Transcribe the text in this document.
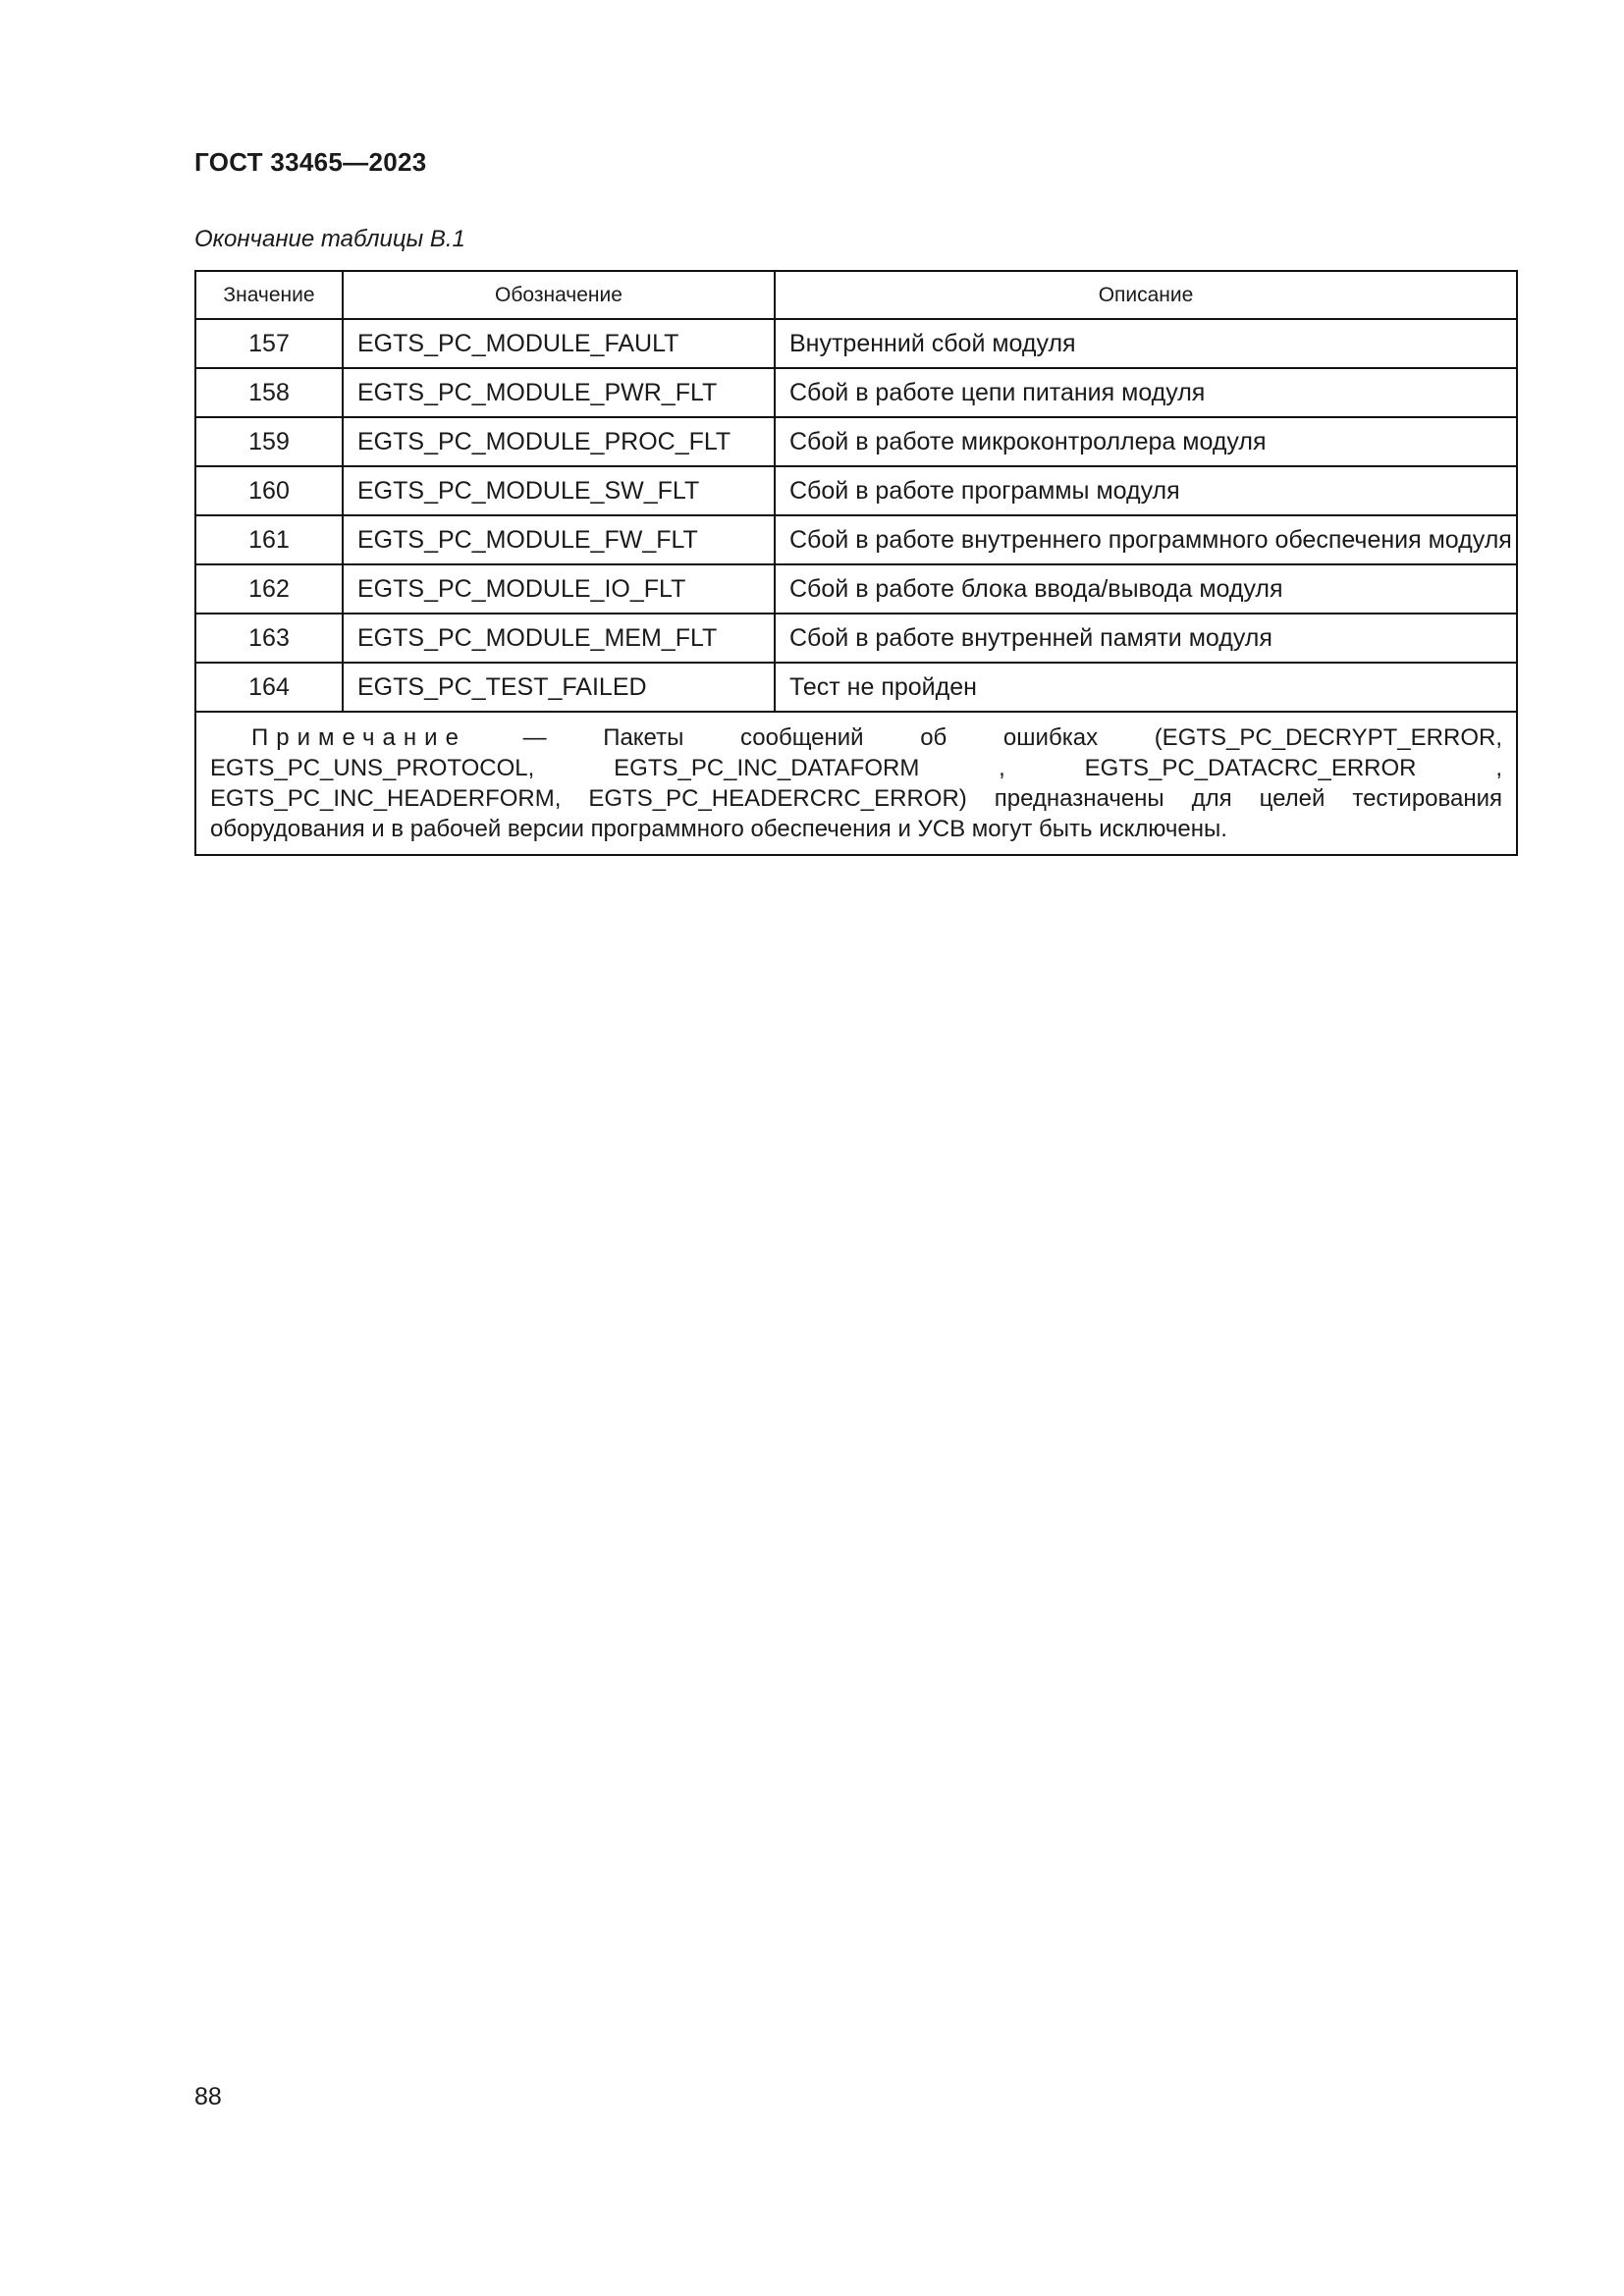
ГОСТ 33465—2023
Окончание таблицы В.1
Значение	Обозначение	Описание
157	EGTS_PC_MODULE_FAULT	Внутренний сбой модуля
158	EGTS_PC_MODULE_PWR_FLT	Сбой в работе цепи питания модуля
159	EGTS_PC_MODULE_PROC_FLT	Сбой в работе микроконтроллера модуля
160	EGTS_PC_MODULE_SW_FLT	Сбой в работе программы модуля
161	EGTS_PC_MODULE_FW_FLT	Сбой в работе внутреннего программного обеспечения модуля
162	EGTS_PC_MODULE_IO_FLT	Сбой в работе блока ввода/вывода модуля
163	EGTS_PC_MODULE_MEM_FLT	Сбой в работе внутренней памяти модуля
164	EGTS_PC_TEST_FAILED	Тест не пройден
Примечание — Пакеты сообщений об ошибках (EGTS_PC_DECRYPT_ERROR, EGTS_PC_UNS_PROTOCOL, EGTS_PC_INC_DATAFORM , EGTS_PC_DATACRC_ERROR , EGTS_PC_INC_HEADERFORM, EGTS_PC_HEADERCRC_ERROR) предназначены для целей тестирования оборудования и в рабочей версии программного обеспечения и УСВ могут быть исключены.		
88
